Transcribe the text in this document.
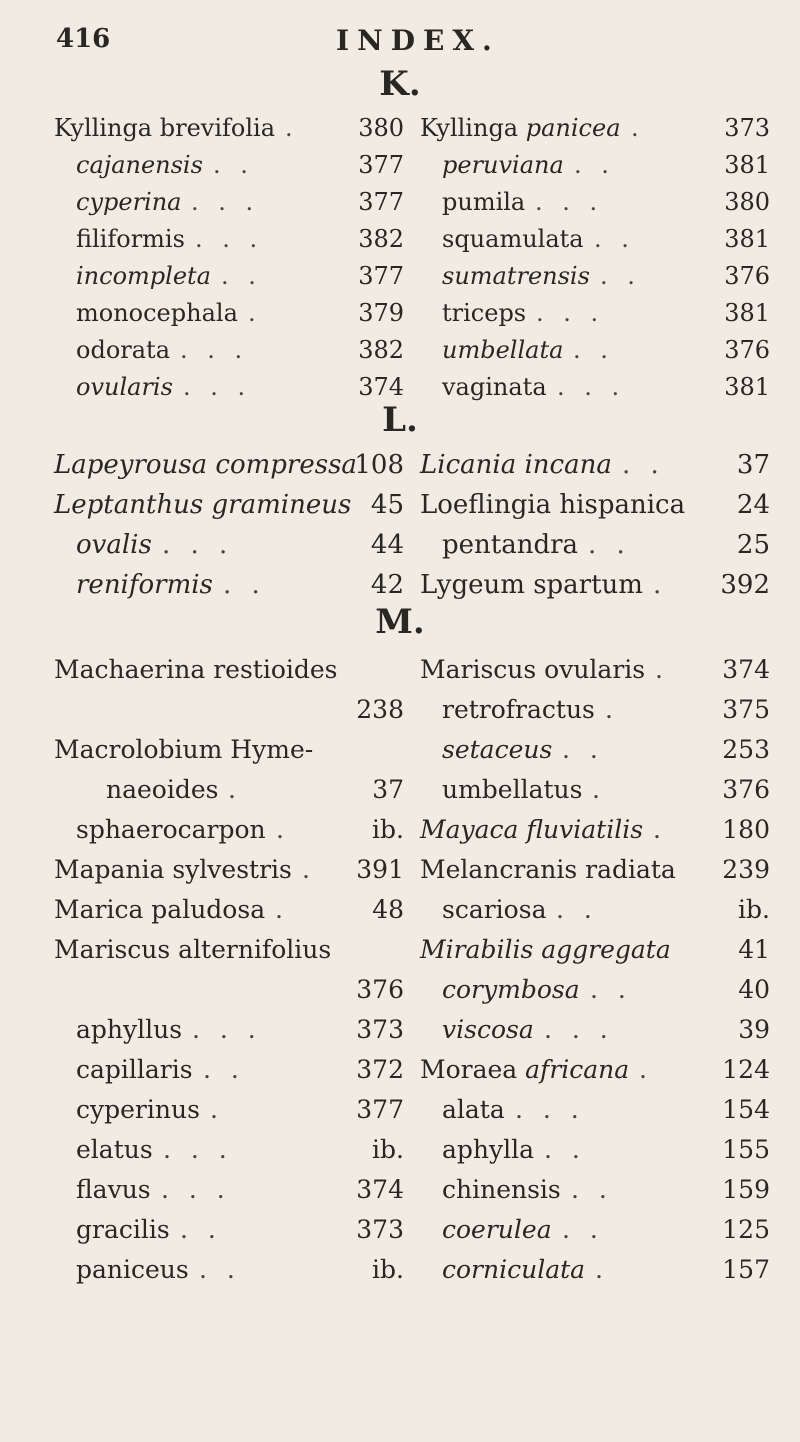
416	INDEX.
K.
Kyllinga brevifolia . 380
cajanensis . .	377
cyperina . . .	377
filiformis . . .	382
incompleta . .	377
monocephala .	379
odorata . . .	382
ovularis . . .	374
Kyllinga panicea .	373
peruviana . .	381
pumila . . .	380
squamulata . .	381
sumatrensis . .	376
triceps . . .	381
umbellata . .	376
vaginata . . .	381
L.
Lapeyrousa compressa
108
Leptanthus gramineus 45
ovalis . . .	44
reniformis . .	42
Licania incana . .	37
Loeflingia hispanica 24
pentandra . .	25
Lygeum spartum . 392
M.
Machaerina restioides
238
Macrolobium Hyme-
naeoides .	37
sphaerocarpon .	ib.
Mapania sylvestris . 391
Marica paludosa .	48
Mariscus alternifolius
376
aphyllus . . .	373
capillaris . .	372
cyperinus .	377
elatus . . .	ib.
flavus . . .	374
gracilis . .	373
paniceus . .	ib.
Mariscus ovularis . 374
retrofractus .	375
setaceus . .	253
umbellatus .	376
Mayaca fluviatilis . 180
Melancranis radiata 239
scariosa . .	ib.
Mirabilis aggregata	41
corymbosa . .	40
viscosa . . .	39
Moraea africana .	124
alata . . .	154
aphylla . .	155
chinensis . .	159
coerulea . .	125
corniculata .	157
